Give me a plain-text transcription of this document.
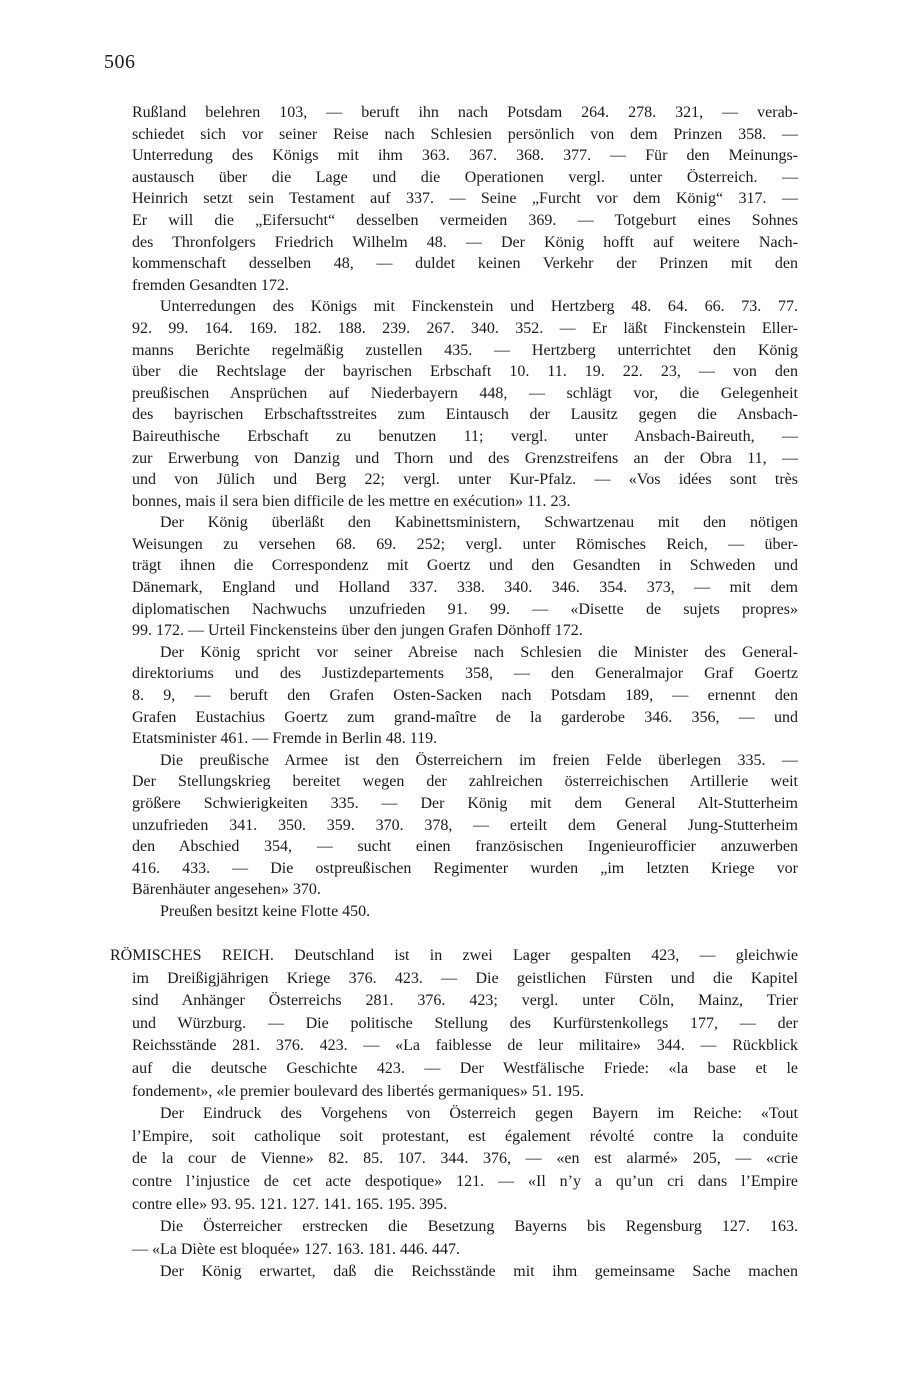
506
Rußland belehren 103, — beruft ihn nach Potsdam 264. 278. 321, — verab-
schiedet sich vor seiner Reise nach Schlesien persönlich von dem Prinzen 358. —
Unterredung des Königs mit ihm 363. 367. 368. 377. — Für den Meinungs-
austausch über die Lage und die Operationen vergl. unter Österreich. —
Heinrich setzt sein Testament auf 337. — Seine „Furcht vor dem König“ 317. —
Er will die „Eifersucht“ desselben vermeiden 369. — Totgeburt eines Sohnes
des Thronfolgers Friedrich Wilhelm 48. — Der König hofft auf weitere Nach-
kommenschaft desselben 48, — duldet keinen Verkehr der Prinzen mit den
fremden Gesandten 172.
Unterredungen des Königs mit Finckenstein und Hertzberg 48. 64. 66. 73. 77.
92. 99. 164. 169. 182. 188. 239. 267. 340. 352. — Er läßt Finckenstein Eller-
manns Berichte regelmäßig zustellen 435. — Hertzberg unterrichtet den König
über die Rechtslage der bayrischen Erbschaft 10. 11. 19. 22. 23, — von den
preußischen Ansprüchen auf Niederbayern 448, — schlägt vor, die Gelegenheit
des bayrischen Erbschaftsstreites zum Eintausch der Lausitz gegen die Ansbach-
Baireuthische Erbschaft zu benutzen 11; vergl. unter Ansbach-Baireuth, —
zur Erwerbung von Danzig und Thorn und des Grenzstreifens an der Obra 11, —
und von Jülich und Berg 22; vergl. unter Kur-Pfalz. — «Vos idées sont très
bonnes, mais il sera bien difficile de les mettre en exécution» 11. 23.
Der König überläßt den Kabinettsministern, Schwartzenau mit den nötigen
Weisungen zu versehen 68. 69. 252; vergl. unter Römisches Reich, — über-
trägt ihnen die Correspondenz mit Goertz und den Gesandten in Schweden und
Dänemark, England und Holland 337. 338. 340. 346. 354. 373, — mit dem
diplomatischen Nachwuchs unzufrieden 91. 99. — «Disette de sujets propres»
99. 172. — Urteil Finckensteins über den jungen Grafen Dönhoff 172.
Der König spricht vor seiner Abreise nach Schlesien die Minister des General-
direktoriums und des Justizdepartements 358, — den Generalmajor Graf Goertz
8. 9, — beruft den Grafen Osten-Sacken nach Potsdam 189, — ernennt den
Grafen Eustachius Goertz zum grand-maître de la garderobe 346. 356, — und
Etatsminister 461. — Fremde in Berlin 48. 119.
Die preußische Armee ist den Österreichern im freien Felde überlegen 335. —
Der Stellungskrieg bereitet wegen der zahlreichen österreichischen Artillerie weit
größere Schwierigkeiten 335. — Der König mit dem General Alt-Stutterheim
unzufrieden 341. 350. 359. 370. 378, — erteilt dem General Jung-Stutterheim
den Abschied 354, — sucht einen französischen Ingenieurofficier anzuwerben
416. 433. — Die ostpreußischen Regimenter wurden „im letzten Kriege vor
Bärenhäuter angesehen» 370.
Preußen besitzt keine Flotte 450.
RÖMISCHES REICH. Deutschland ist in zwei Lager gespalten 423, — gleichwie
im Dreißigjährigen Kriege 376. 423. — Die geistlichen Fürsten und die Kapitel
sind Anhänger Österreichs 281. 376. 423; vergl. unter Cöln, Mainz, Trier
und Würzburg. — Die politische Stellung des Kurfürstenkollegs 177, — der
Reichsstände 281. 376. 423. — «La faiblesse de leur militaire» 344. — Rückblick
auf die deutsche Geschichte 423. — Der Westfälische Friede: «la base et le
fondement», «le premier boulevard des libertés germaniques» 51. 195.
Der Eindruck des Vorgehens von Österreich gegen Bayern im Reiche: «Tout
l’Empire, soit catholique soit protestant, est également révolté contre la conduite
de la cour de Vienne» 82. 85. 107. 344. 376, — «en est alarmé» 205, — «crie
contre l’injustice de cet acte despotique» 121. — «Il n’y a qu’un cri dans l’Empire
contre elle» 93. 95. 121. 127. 141. 165. 195. 395.
Die Österreicher erstrecken die Besetzung Bayerns bis Regensburg 127. 163.
— «La Diète est bloquée» 127. 163. 181. 446. 447.
Der König erwartet, daß die Reichsstände mit ihm gemeinsame Sache machen
